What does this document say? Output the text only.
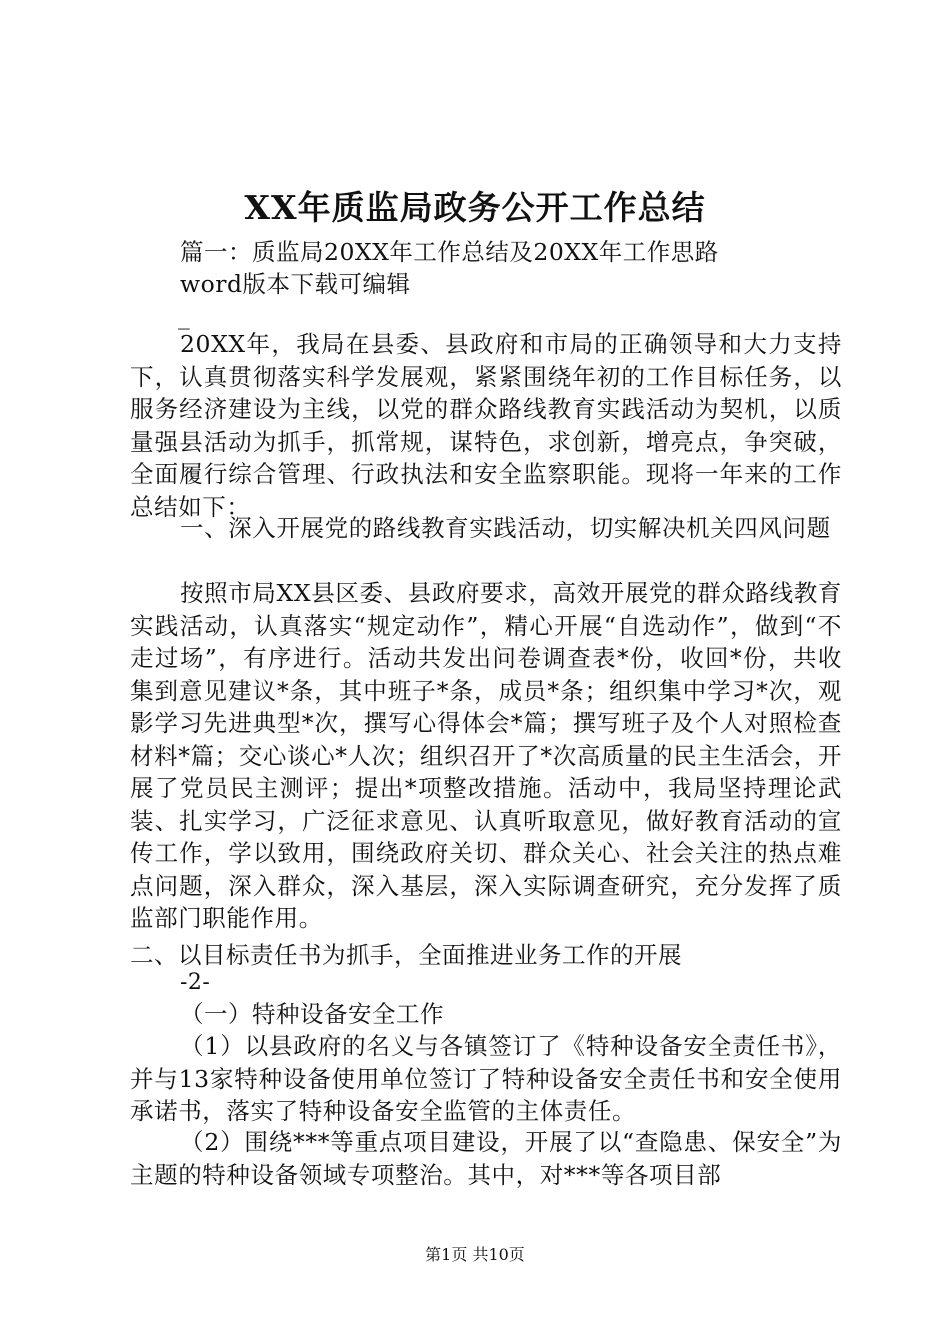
XX年质监局政务公开工作总结
篇一：质监局20XX年工作总结及20XX年工作思路
word版本下载可编辑
_
20XX年，我局在县委、县政府和市局的正确领导和大力支持下，认真贯彻落实科学发展观，紧紧围绕年初的工作目标任务，以服务经济建设为主线，以党的群众路线教育实践活动为契机，以质量强县活动为抓手，抓常规，谋特色，求创新，增亮点，争突破，全面履行综合管理、行政执法和安全监察职能。现将一年来的工作总结如下：
一、深入开展党的路线教育实践活动，切实解决机关四风问题
按照市局XX县区委、县政府要求，高效开展党的群众路线教育实践活动，认真落实“规定动作”，精心开展“自选动作”，做到“不走过场”，有序进行。活动共发出问卷调查表*份，收回*份，共收集到意见建议*条，其中班子*条，成员*条；组织集中学习*次，观影学习先进典型*次，撰写心得体会*篇；撰写班子及个人对照检查材料*篇；交心谈心*人次；组织召开了*次高质量的民主生活会，开展了党员民主测评；提出*项整改措施。活动中，我局坚持理论武装、扎实学习，广泛征求意见、认真听取意见，做好教育活动的宣传工作，学以致用，围绕政府关切、群众关心、社会关注的热点难点问题，深入群众，深入基层，深入实际调查研究，充分发挥了质监部门职能作用。
二、以目标责任书为抓手，全面推进业务工作的开展
-2-
（一）特种设备安全工作
（1）以县政府的名义与各镇签订了《特种设备安全责任书》，并与13家特种设备使用单位签订了特种设备安全责任书和安全使用承诺书，落实了特种设备安全监管的主体责任。
（2）围绕***等重点项目建设，开展了以“查隐患、保安全”为主题的特种设备领域专项整治。其中，对***等各项目部
第1页 共10页
